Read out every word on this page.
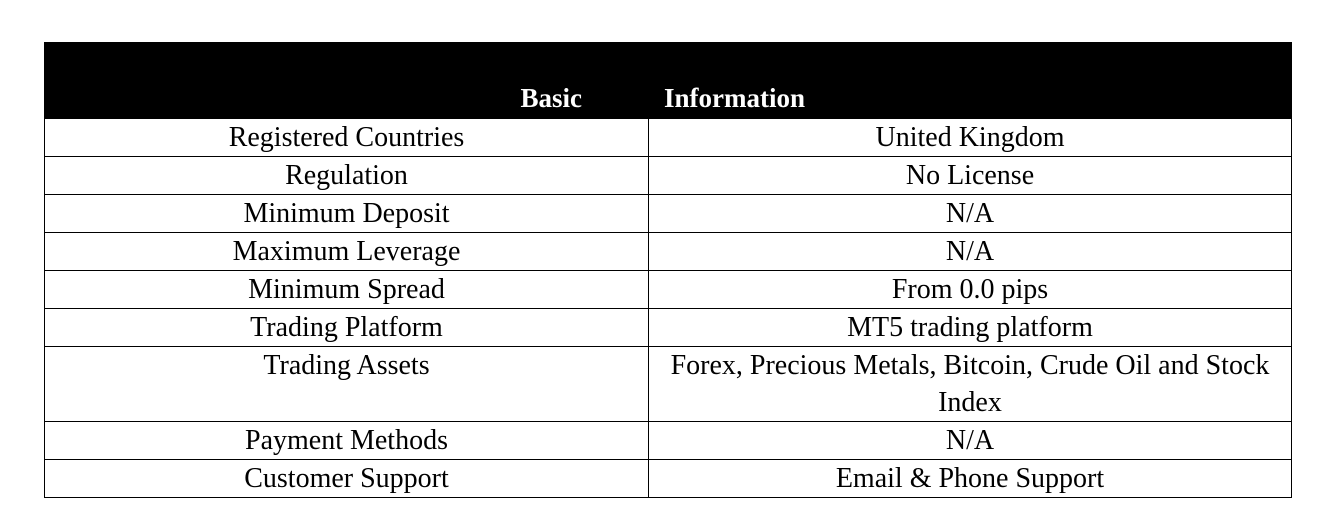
Basic	Information
Registered Countries	United Kingdom
Regulation	No License
Minimum Deposit	N/A
Maximum Leverage	N/A
Minimum Spread	From 0.0 pips
Trading Platform	MT5 trading platform
Trading Assets	Forex, Precious Metals, Bitcoin, Crude Oil and Stock Index
Payment Methods	N/A
Customer Support	Email & Phone Support
